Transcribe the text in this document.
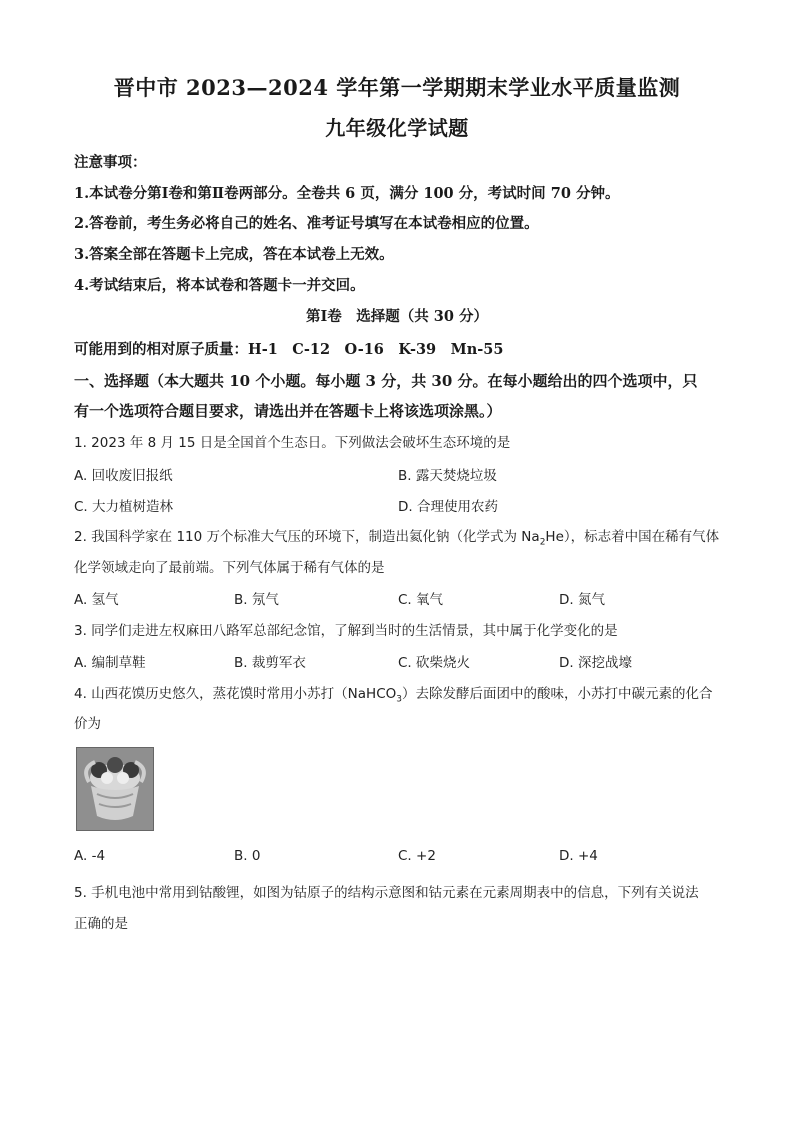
晋中市 2023—2024 学年第一学期期末学业水平质量监测
九年级化学试题
注意事项：
1.本试卷分第Ⅰ卷和第Ⅱ卷两部分。全卷共 6 页，满分 100 分，考试时间 70 分钟。
2.答卷前，考生务必将自己的姓名、准考证号填写在本试卷相应的位置。
3.答案全部在答题卡上完成，答在本试卷上无效。
4.考试结束后，将本试卷和答题卡一并交回。
第Ⅰ卷　选择题（共 30 分）
可能用到的相对原子质量：H-1　C-12　O-16　K-39　Mn-55
一、选择题（本大题共 10 个小题。每小题 3 分，共 30 分。在每小题给出的四个选项中，只
有一个选项符合题目要求，请选出并在答题卡上将该选项涂黑。）
1. 2023 年 8 月 15 日是全国首个生态日。下列做法会破坏生态环境的是
A. 回收废旧报纸	B. 露天焚烧垃圾
C. 大力植树造林	D. 合理使用农药
2. 我国科学家在 110 万个标准大气压的环境下，制造出氦化钠（化学式为 $Na_2He$），标志着中国在稀有气体
化学领域走向了最前端。下列气体属于稀有气体的是
A. 氢气	B. 氖气	C. 氧气	D. 氮气
3. 同学们走进左权麻田八路军总部纪念馆，了解到当时的生活情景，其中属于化学变化的是
A. 编制草鞋	B. 裁剪军衣	C. 砍柴烧火	D. 深挖战壕
4. 山西花馍历史悠久，蒸花馍时常用小苏打（NaHCO$_3$）去除发酵后面团中的酸味，小苏打中碳元素的化合
价为
A. -4	B. 0	C. +2	D. +4
5. 手机电池中常用到钴酸锂，如图为钴原子的结构示意图和钴元素在元素周期表中的信息，下列有关说法
正确的是
